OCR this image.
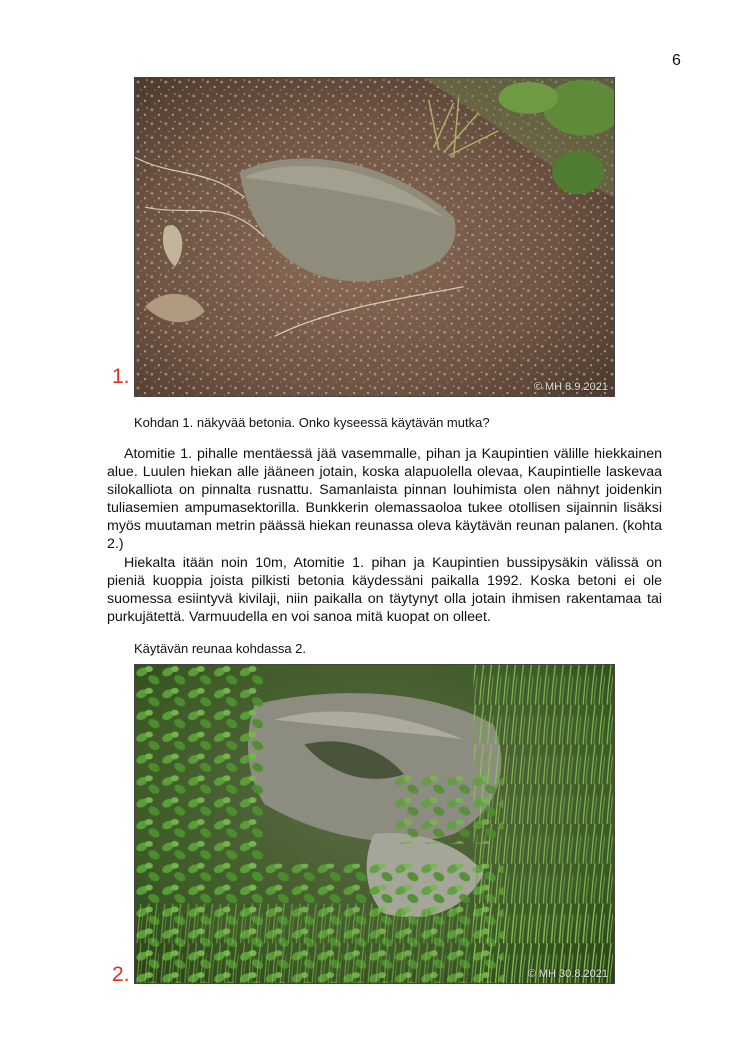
6
© MH 8.9.2021
1.
Kohdan 1. näkyvää betonia. Onko kyseessä käytävän mutka?

Atomitie 1. pihalle mentäessä jää vasemmalle, pihan ja Kaupintien välille hiekkainen alue. Luulen hiekan alle jääneen jotain, koska alapuolella olevaa, Kaupintielle laskevaa silokalliota on pinnalta rusnattu. Samanlaista pinnan louhimista olen nähnyt joidenkin tuliasemien ampumasektorilla. Bunkkerin olemassaoloa tukee otollisen sijainnin lisäksi myös muutaman metrin päässä hiekan reunassa oleva käytävän reunan palanen. (kohta 2.)

Hiekalta itään noin 10m, Atomitie 1. pihan ja Kaupintien bussipysäkin välissä on pieniä kuoppia joista pilkisti betonia käydessäni paikalla 1992. Koska betoni ei ole suomessa esiintyvä kivilaji, niin paikalla on täytynyt olla jotain ihmisen rakentamaa tai purkujätettä. Varmuudella en voi sanoa mitä kuopat on olleet.

Käytävän reunaa kohdassa 2.
© MH 30.8.2021
2.
